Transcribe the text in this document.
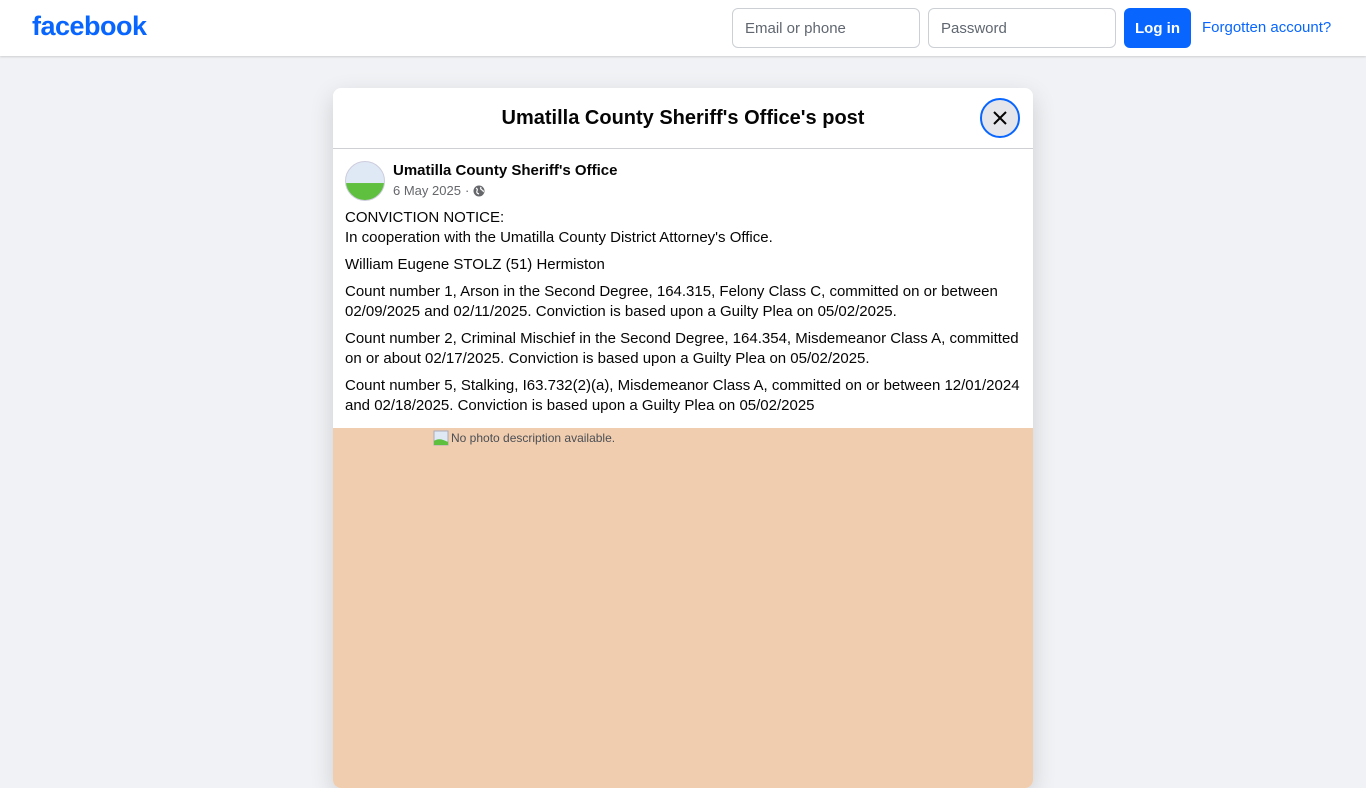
facebook
Email or phone	Log in	Forgotten account?
Umatilla County Sheriff's Office's post
Umatilla County Sheriff's Office
6 May 2025 ·

CONVICTION NOTICE:
In cooperation with the Umatilla County District Attorney's Office.

William Eugene STOLZ (51) Hermiston

Count number 1, Arson in the Second Degree, 164.315, Felony Class C, committed on or between 02/09/2025 and 02/11/2025. Conviction is based upon a Guilty Plea on 05/02/2025.

Count number 2, Criminal Mischief in the Second Degree, 164.354, Misdemeanor Class A, committed on or about 02/17/2025. Conviction is based upon a Guilty Plea on 05/02/2025.

Count number 5, Stalking, I63.732(2)(a), Misdemeanor Class A, committed on or between 12/01/2024 and 02/18/2025. Conviction is based upon a Guilty Plea on 05/02/2025

No photo description available.
